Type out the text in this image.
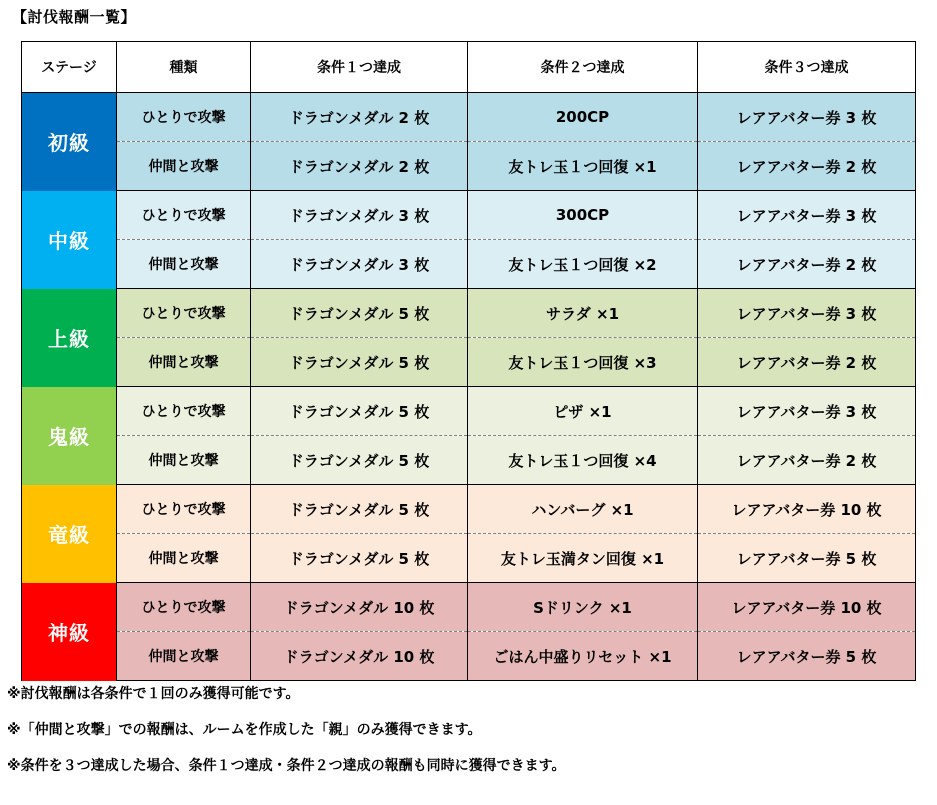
【討伐報酬一覧】
ステージ	種類	条件１つ達成	条件２つ達成	条件３つ達成
初級	ひとりで攻撃	ドラゴンメダル 2 枚	200CP	レアアバター券 3 枚
	仲間と攻撃	ドラゴンメダル 2 枚	友トレ玉１つ回復 ×1	レアアバター券 2 枚
中級	ひとりで攻撃	ドラゴンメダル 3 枚	300CP	レアアバター券 3 枚
	仲間と攻撃	ドラゴンメダル 3 枚	友トレ玉１つ回復 ×2	レアアバター券 2 枚
上級	ひとりで攻撃	ドラゴンメダル 5 枚	サラダ ×1	レアアバター券 3 枚
	仲間と攻撃	ドラゴンメダル 5 枚	友トレ玉１つ回復 ×3	レアアバター券 2 枚
鬼級	ひとりで攻撃	ドラゴンメダル 5 枚	ピザ ×1	レアアバター券 3 枚
	仲間と攻撃	ドラゴンメダル 5 枚	友トレ玉１つ回復 ×4	レアアバター券 2 枚
竜級	ひとりで攻撃	ドラゴンメダル 5 枚	ハンバーグ ×1	レアアバター券 10 枚
	仲間と攻撃	ドラゴンメダル 5 枚	友トレ玉満タン回復 ×1	レアアバター券 5 枚
神級	ひとりで攻撃	ドラゴンメダル 10 枚	Sドリンク ×1	レアアバター券 10 枚
	仲間と攻撃	ドラゴンメダル 10 枚	ごはん中盛りリセット ×1	レアアバター券 5 枚
※討伐報酬は各条件で１回のみ獲得可能です。
※「仲間と攻撃」での報酬は、ルームを作成した「親」のみ獲得できます。
※条件を３つ達成した場合、条件１つ達成・条件２つ達成の報酬も同時に獲得できます。
